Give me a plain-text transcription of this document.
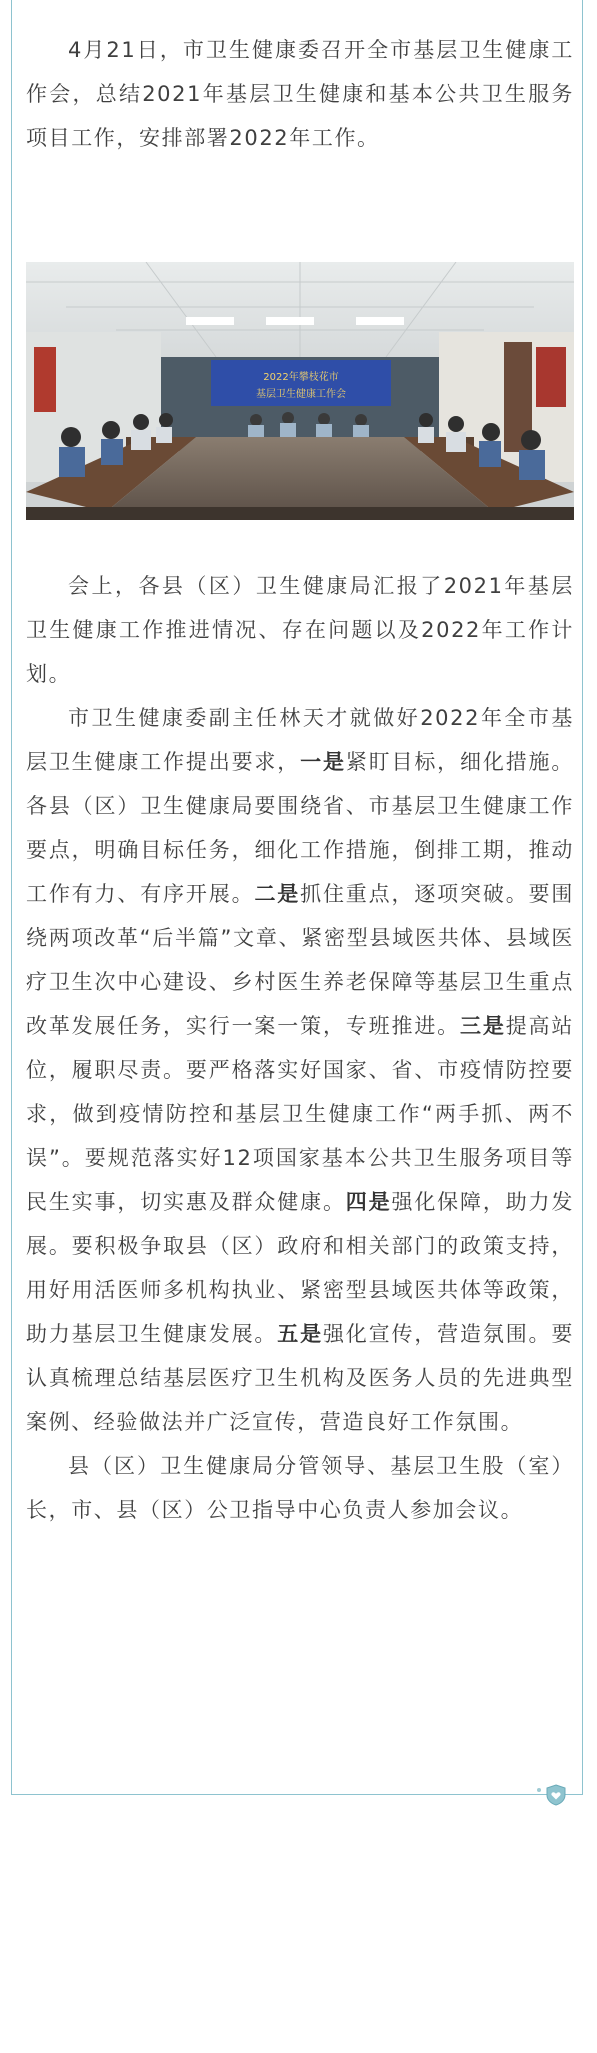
4月21日，市卫生健康委召开全市基层卫生健康工作会，总结2021年基层卫生健康和基本公共卫生服务项目工作，安排部署2022年工作。

2022年攀枝花市
基层卫生健康工作会

会上，各县（区）卫生健康局汇报了2021年基层卫生健康工作推进情况、存在问题以及2022年工作计划。

市卫生健康委副主任林天才就做好2022年全市基层卫生健康工作提出要求，一是紧盯目标，细化措施。各县（区）卫生健康局要围绕省、市基层卫生健康工作要点，明确目标任务，细化工作措施，倒排工期，推动工作有力、有序开展。二是抓住重点，逐项突破。要围绕两项改革“后半篇”文章、紧密型县域医共体、县域医疗卫生次中心建设、乡村医生养老保障等基层卫生重点改革发展任务，实行一案一策，专班推进。三是提高站位，履职尽责。要严格落实好国家、省、市疫情防控要求，做到疫情防控和基层卫生健康工作“两手抓、两不误”。要规范落实好12项国家基本公共卫生服务项目等民生实事，切实惠及群众健康。四是强化保障，助力发展。要积极争取县（区）政府和相关部门的政策支持，用好用活医师多机构执业、紧密型县域医共体等政策，助力基层卫生健康发展。五是强化宣传，营造氛围。要认真梳理总结基层医疗卫生机构及医务人员的先进典型案例、经验做法并广泛宣传，营造良好工作氛围。

县（区）卫生健康局分管领导、基层卫生股（室）长，市、县（区）公卫指导中心负责人参加会议。
